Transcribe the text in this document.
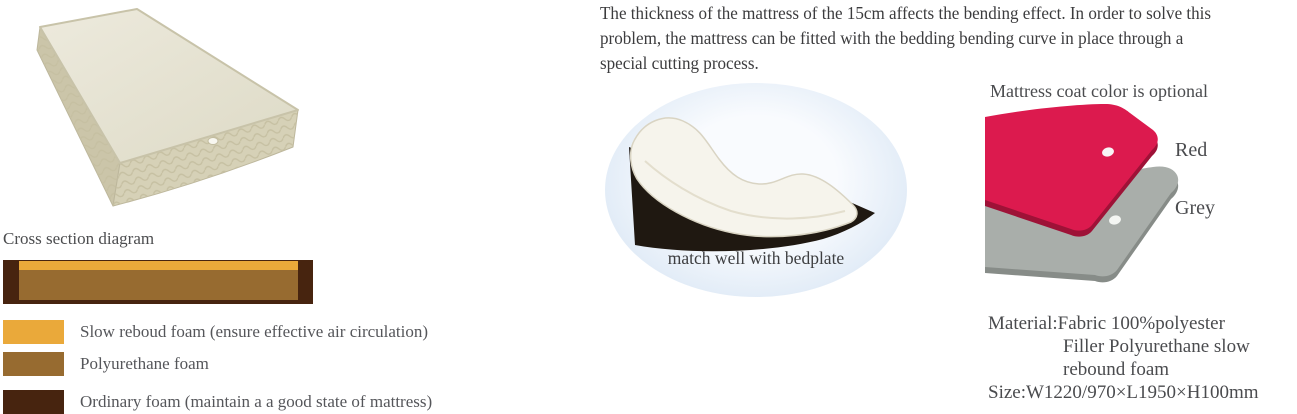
Cross section diagram
Slow reboud foam (ensure effective air circulation)
Polyurethane foam
Ordinary foam (maintain a a good state of mattress)
The thickness of the mattress of the 15cm affects the bending effect. In order to solve this
problem, the mattress can be fitted with the bedding bending curve in place through a
special cutting process.
match well with bedplate
Mattress coat color is optional
Red
Grey
Material:Fabric 100%polyester
Filler Polyurethane slow
rebound foam
Size:W1220/970×L1950×H100mm
